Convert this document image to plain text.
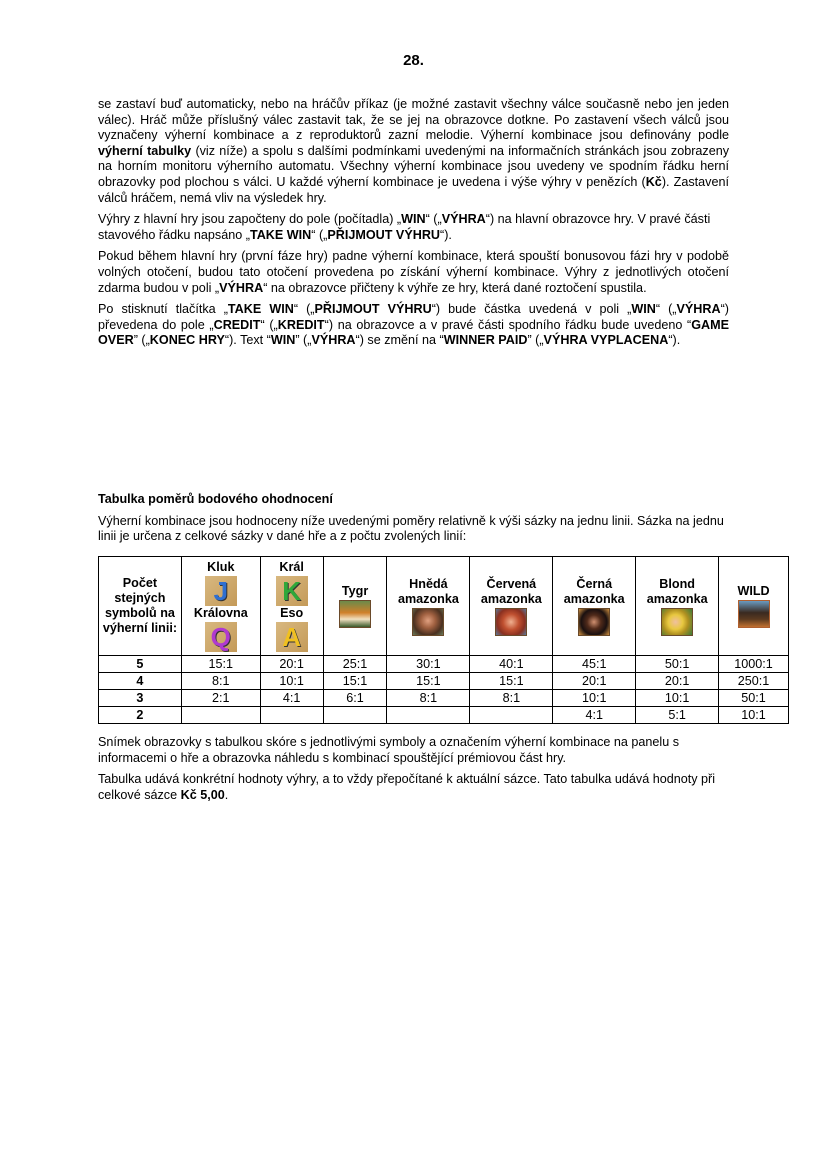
28.

se zastaví buď automaticky, nebo na hráčův příkaz (je možné zastavit všechny válce současně nebo jen jeden válec). Hráč může příslušný válec zastavit tak, že se jej na obrazovce dotkne. Po zastavení všech válců jsou vyznačeny výherní kombinace a z reproduktorů zazní melodie. Výherní kombinace jsou definovány podle výherní tabulky (viz níže) a spolu s dalšími podmínkami uvedenými na informačních stránkách jsou zobrazeny na horním monitoru výherního automatu. Všechny výherní kombinace jsou uvedeny ve spodním řádku herní obrazovky pod plochou s válci. U každé výherní kombinace je uvedena i výše výhry v penězích (Kč). Zastavení válců hráčem, nemá vliv na výsledek hry.

Výhry z hlavní hry jsou započteny do pole (počítadla) „WIN“ („VÝHRA“) na hlavní obrazovce hry. V pravé části stavového řádku napsáno „TAKE WIN“ („PŘIJMOUT VÝHRU“).

Pokud během hlavní hry (první fáze hry) padne výherní kombinace, která spouští bonusovou fázi hry v podobě volných otočení, budou tato otočení provedena po získání výherní kombinace. Výhry z jednotlivých otočení zdarma budou v poli „VÝHRA“ na obrazovce přičteny k výhře ze hry, která dané roztočení spustila.

Po stisknutí tlačítka „TAKE WIN“ („PŘIJMOUT VÝHRU“) bude částka uvedená v poli „WIN“ („VÝHRA“) převedena do pole „CREDIT“ („KREDIT“) na obrazovce a v pravé části spodního řádku bude uvedeno “GAME OVER” („KONEC HRY“). Text “WIN” („VÝHRA“) se změní na “WINNER PAID” („VÝHRA VYPLACENA“).

Tabulka poměrů bodového ohodnocení

Výherní kombinace jsou hodnoceny níže uvedenými poměry relativně k výši sázky na jednu linii. Sázka na jednu linii je určena z celkové sázky v dané hře a z počtu zvolených linií:

Počet stejných symbolů na výherní linii:	Kluk
J
Královna
Q	Král
K
Eso
A	Tygr	Hnědá amazonka	Červená amazonka	Černá amazonka	Blond amazonka	WILD

5	15:1	20:1	25:1	30:1	40:1	45:1	50:1	1000:1
4	8:1	10:1	15:1	15:1	15:1	20:1	20:1	250:1
3	2:1	4:1	6:1	8:1	8:1	10:1	10:1	50:1
2						4:1	5:1	10:1

Snímek obrazovky s tabulkou skóre s jednotlivými symboly a označením výherní kombinace na panelu s informacemi o hře a obrazovka náhledu s kombinací spouštějící prémiovou část hry.

Tabulka udává konkrétní hodnoty výhry, a to vždy přepočítané k aktuální sázce. Tato tabulka udává hodnoty při celkové sázce Kč 5,00.
